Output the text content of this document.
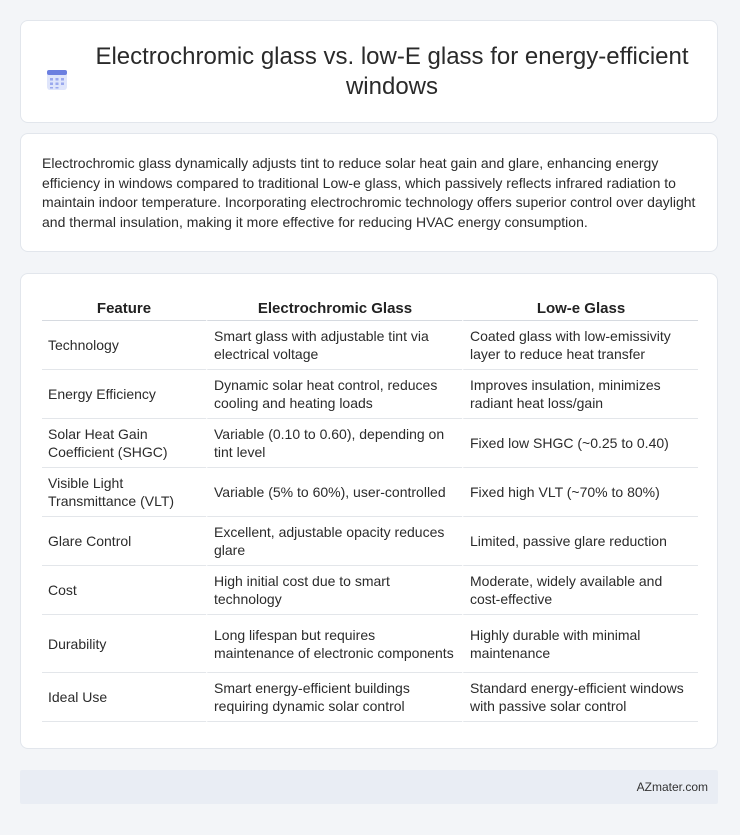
Electrochromic glass vs. low-E glass for energy-efficient windows

Electrochromic glass dynamically adjusts tint to reduce solar heat gain and glare, enhancing energy efficiency in windows compared to traditional Low-e glass, which passively reflects infrared radiation to maintain indoor temperature. Incorporating electrochromic technology offers superior control over daylight and thermal insulation, making it more effective for reducing HVAC energy consumption.

Feature	Electrochromic Glass	Low-e Glass
Technology	Smart glass with adjustable tint via electrical voltage	Coated glass with low-emissivity layer to reduce heat transfer
Energy Efficiency	Dynamic solar heat control, reduces cooling and heating loads	Improves insulation, minimizes radiant heat loss/gain
Solar Heat Gain Coefficient (SHGC)	Variable (0.10 to 0.60), depending on tint level	Fixed low SHGC (~0.25 to 0.40)
Visible Light Transmittance (VLT)	Variable (5% to 60%), user-controlled	Fixed high VLT (~70% to 80%)
Glare Control	Excellent, adjustable opacity reduces glare	Limited, passive glare reduction
Cost	High initial cost due to smart technology	Moderate, widely available and cost-effective
Durability	Long lifespan but requires maintenance of electronic components	Highly durable with minimal maintenance
Ideal Use	Smart energy-efficient buildings requiring dynamic solar control	Standard energy-efficient windows with passive solar control
AZmater.com
